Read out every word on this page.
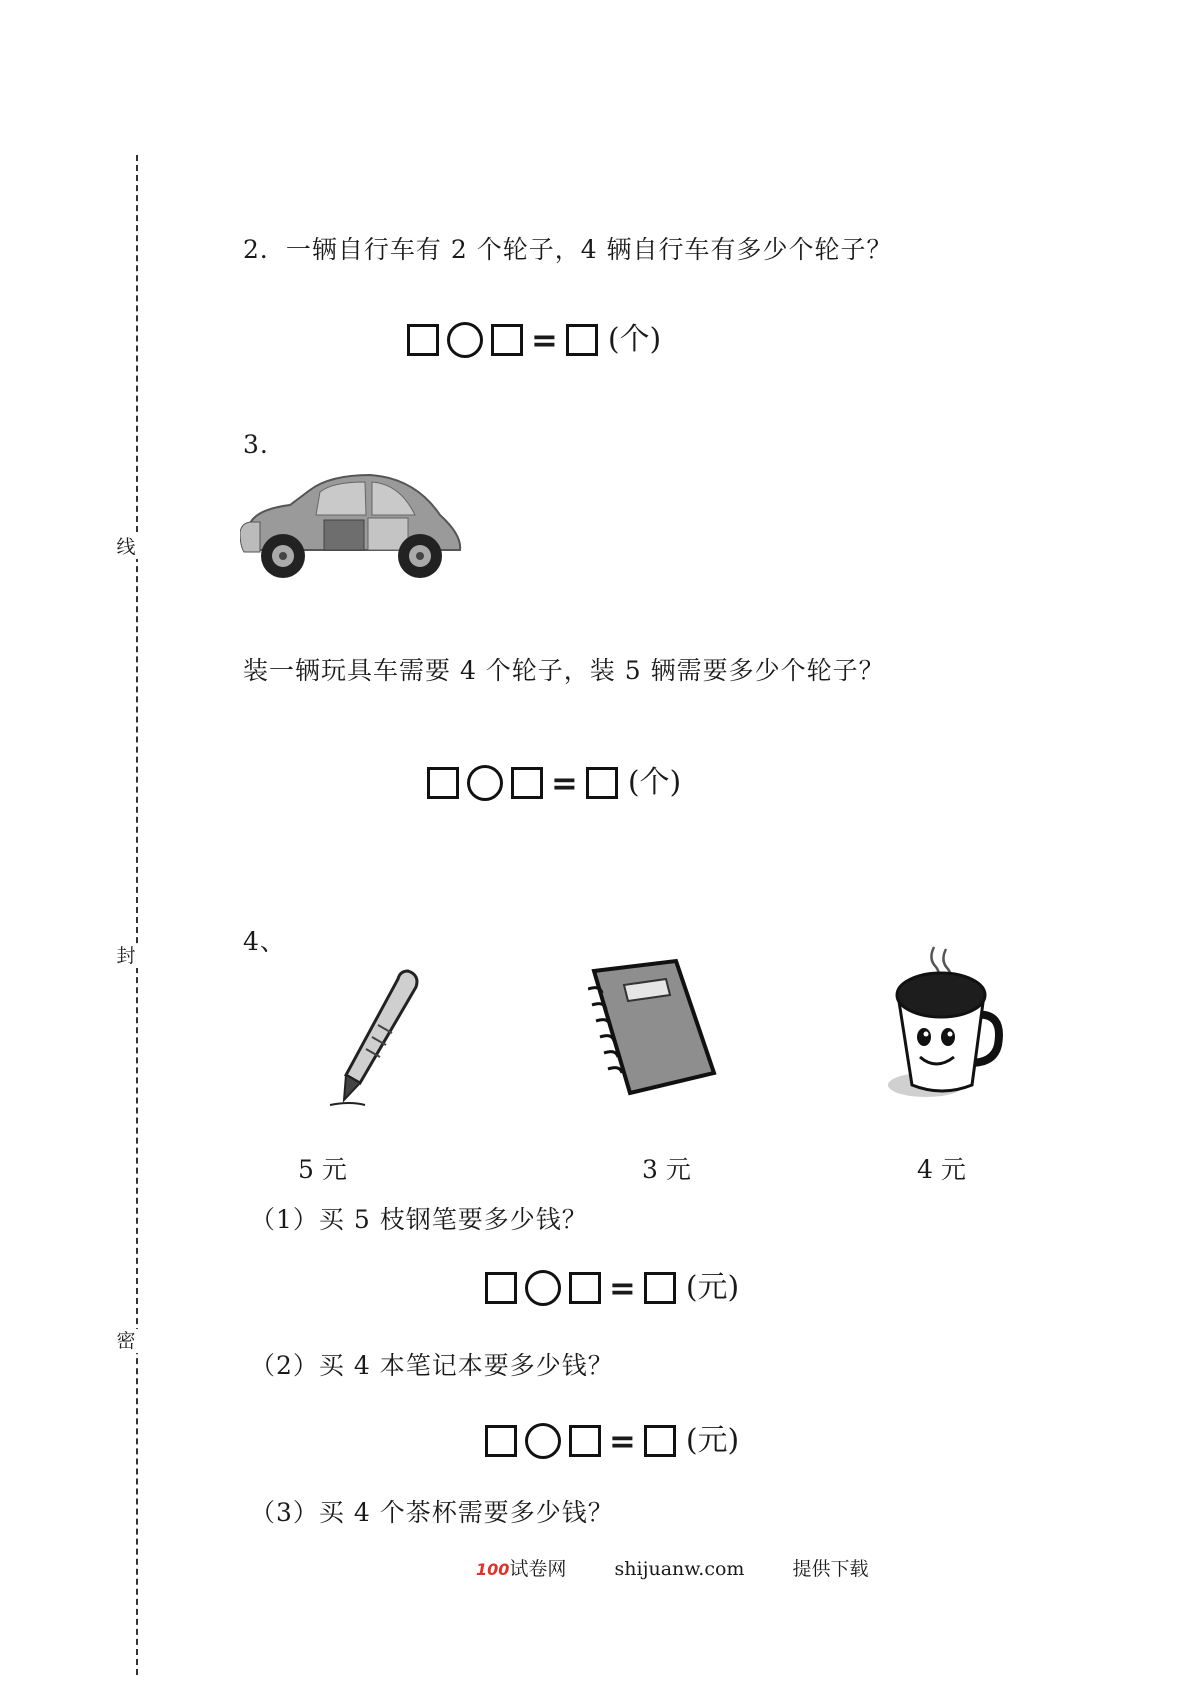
线
封
密
2．一辆自行车有 2 个轮子，4 辆自行车有多少个轮子？
= (个)
3.
装一辆玩具车需要 4 个轮子，装 5 辆需要多少个轮子？
= (个)
4、
5 元	3 元	4 元
（1）买 5 枝钢笔要多少钱？
= (元)
（2）买 4 本笔记本要多少钱？
= (元)
（3）买 4 个茶杯需要多少钱？
100试卷网	shijuanw.com	提供下载
